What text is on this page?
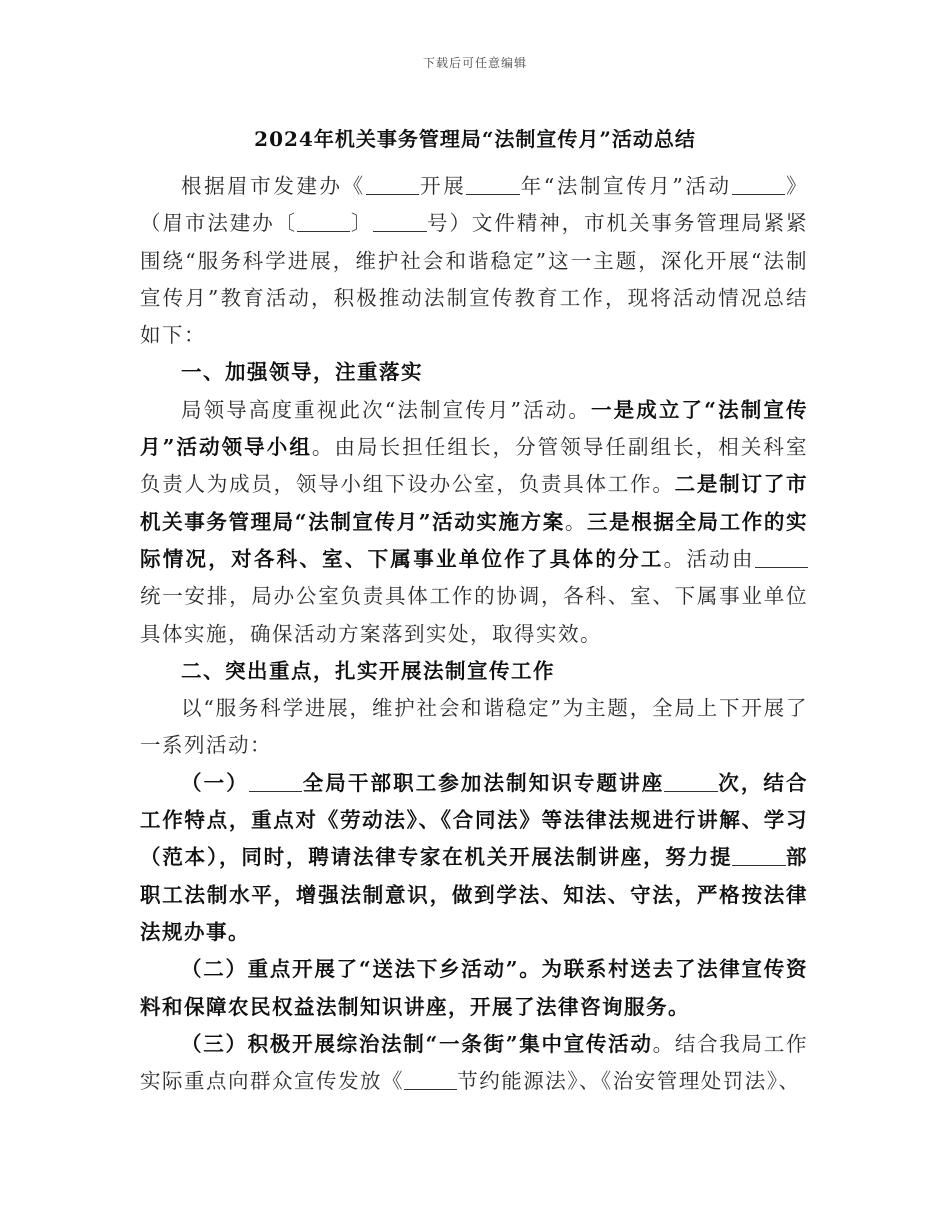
下载后可任意编辑
2024年机关事务管理局“法制宣传月”活动总结

根据眉市发建办《	开展	年“法制宣传月”活动	》（眉市法建办〔	〕	号）文件精神，市机关事务管理局紧紧围绕“服务科学进展，维护社会和谐稳定”这一主题，深化开展“法制宣传月”教育活动，积极推动法制宣传教育工作，现将活动情况总结如下：

一、加强领导，注重落实

局领导高度重视此次“法制宣传月”活动。一是成立了“法制宣传月”活动领导小组。由局长担任组长，分管领导任副组长，相关科室负责人为成员，领导小组下设办公室，负责具体工作。二是制订了市机关事务管理局“法制宣传月”活动实施方案。三是根据全局工作的实际情况，对各科、室、下属事业单位作了具体的分工。活动由统一安排，局办公室负责具体工作的协调，各科、室、下属事业单位具体实施，确保活动方案落到实处，取得实效。

二、突出重点，扎实开展法制宣传工作

以“服务科学进展，维护社会和谐稳定”为主题，全局上下开展了一系列活动：

（一）	全局干部职工参加法制知识专题讲座	次，结合工作特点，重点对《劳动法》、《合同法》等法律法规进行讲解、学习（范本），同时，聘请法律专家在机关开展法制讲座，努力提	部职工法制水平，增强法制意识，做到学法、知法、守法，严格按法律法规办事。

（二）重点开展了“送法下乡活动”。为联系村送去了法律宣传资料和保障农民权益法制知识讲座，开展了法律咨询服务。

（三）积极开展综治法制“一条街”集中宣传活动。结合我局工作实际重点向群众宣传发放《	节约能源法》、《治安管理处罚法》、
